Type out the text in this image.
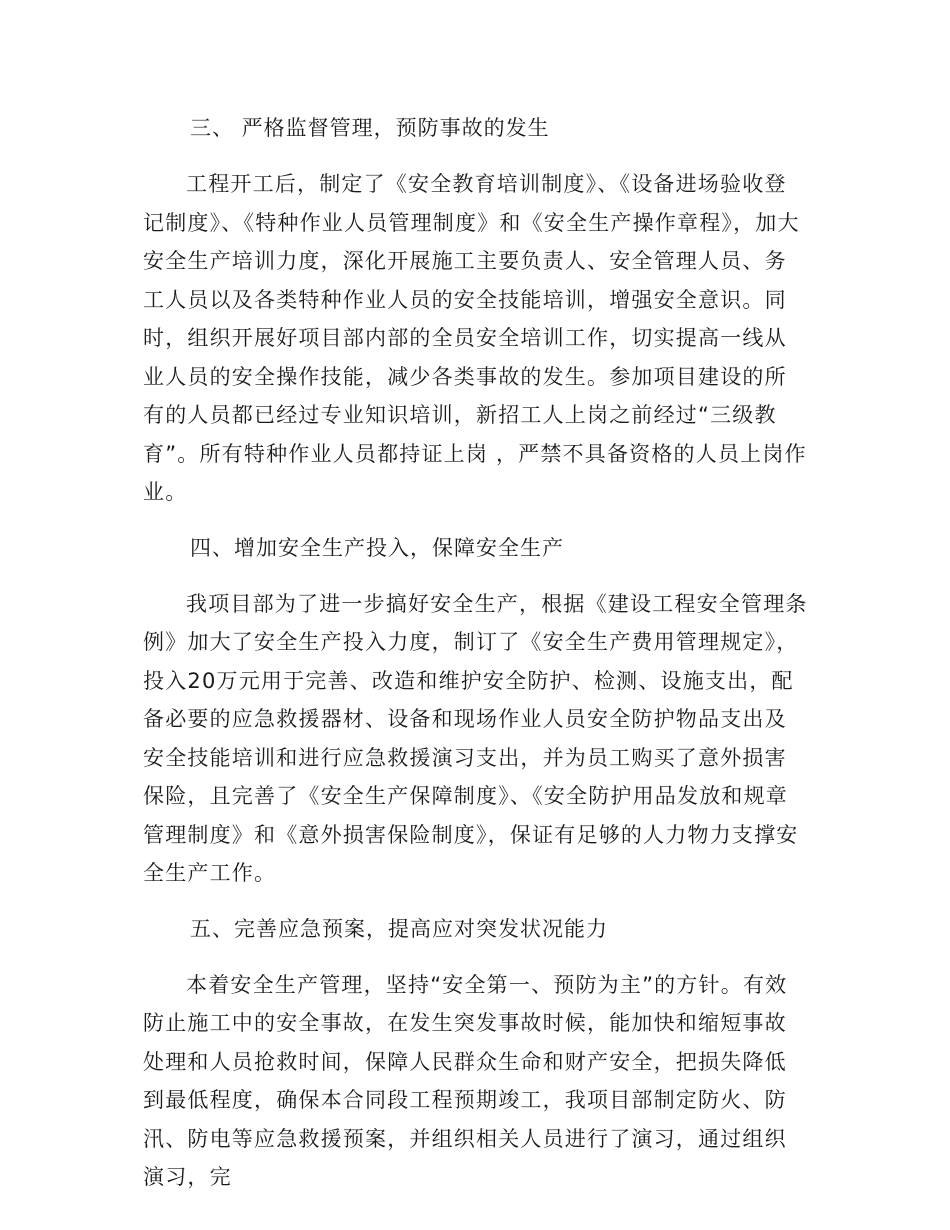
三、 严格监督管理，预防事故的发生

工程开工后，制定了《安全教育培训制度》、《设备进场验收登记制度》、《特种作业人员管理制度》和《安全生产操作章程》，加大安全生产培训力度，深化开展施工主要负责人、安全管理人员、务工人员以及各类特种作业人员的安全技能培训，增强安全意识。同时，组织开展好项目部内部的全员安全培训工作，切实提高一线从业人员的安全操作技能，减少各类事故的发生。参加项目建设的所有的人员都已经过专业知识培训，新招工人上岗之前经过“三级教育”。所有特种作业人员都持证上岗 ，严禁不具备资格的人员上岗作业。

四、增加安全生产投入，保障安全生产

我项目部为了进一步搞好安全生产，根据《建设工程安全管理条例》加大了安全生产投入力度，制订了《安全生产费用管理规定》，投入20万元用于完善、改造和维护安全防护、检测、设施支出，配备必要的应急救援器材、设备和现场作业人员安全防护物品支出及安全技能培训和进行应急救援演习支出，并为员工购买了意外损害保险，且完善了《安全生产保障制度》、《安全防护用品发放和规章管理制度》和《意外损害保险制度》，保证有足够的人力物力支撑安全生产工作。

五、完善应急预案，提高应对突发状况能力

本着安全生产管理，坚持“安全第一、预防为主”的方针。有效防止施工中的安全事故，在发生突发事故时候，能加快和缩短事故处理和人员抢救时间，保障人民群众生命和财产安全，把损失降低到最低程度，确保本合同段工程预期竣工，我项目部制定防火、防汛、防电等应急救援预案，并组织相关人员进行了演习，通过组织演习，完
